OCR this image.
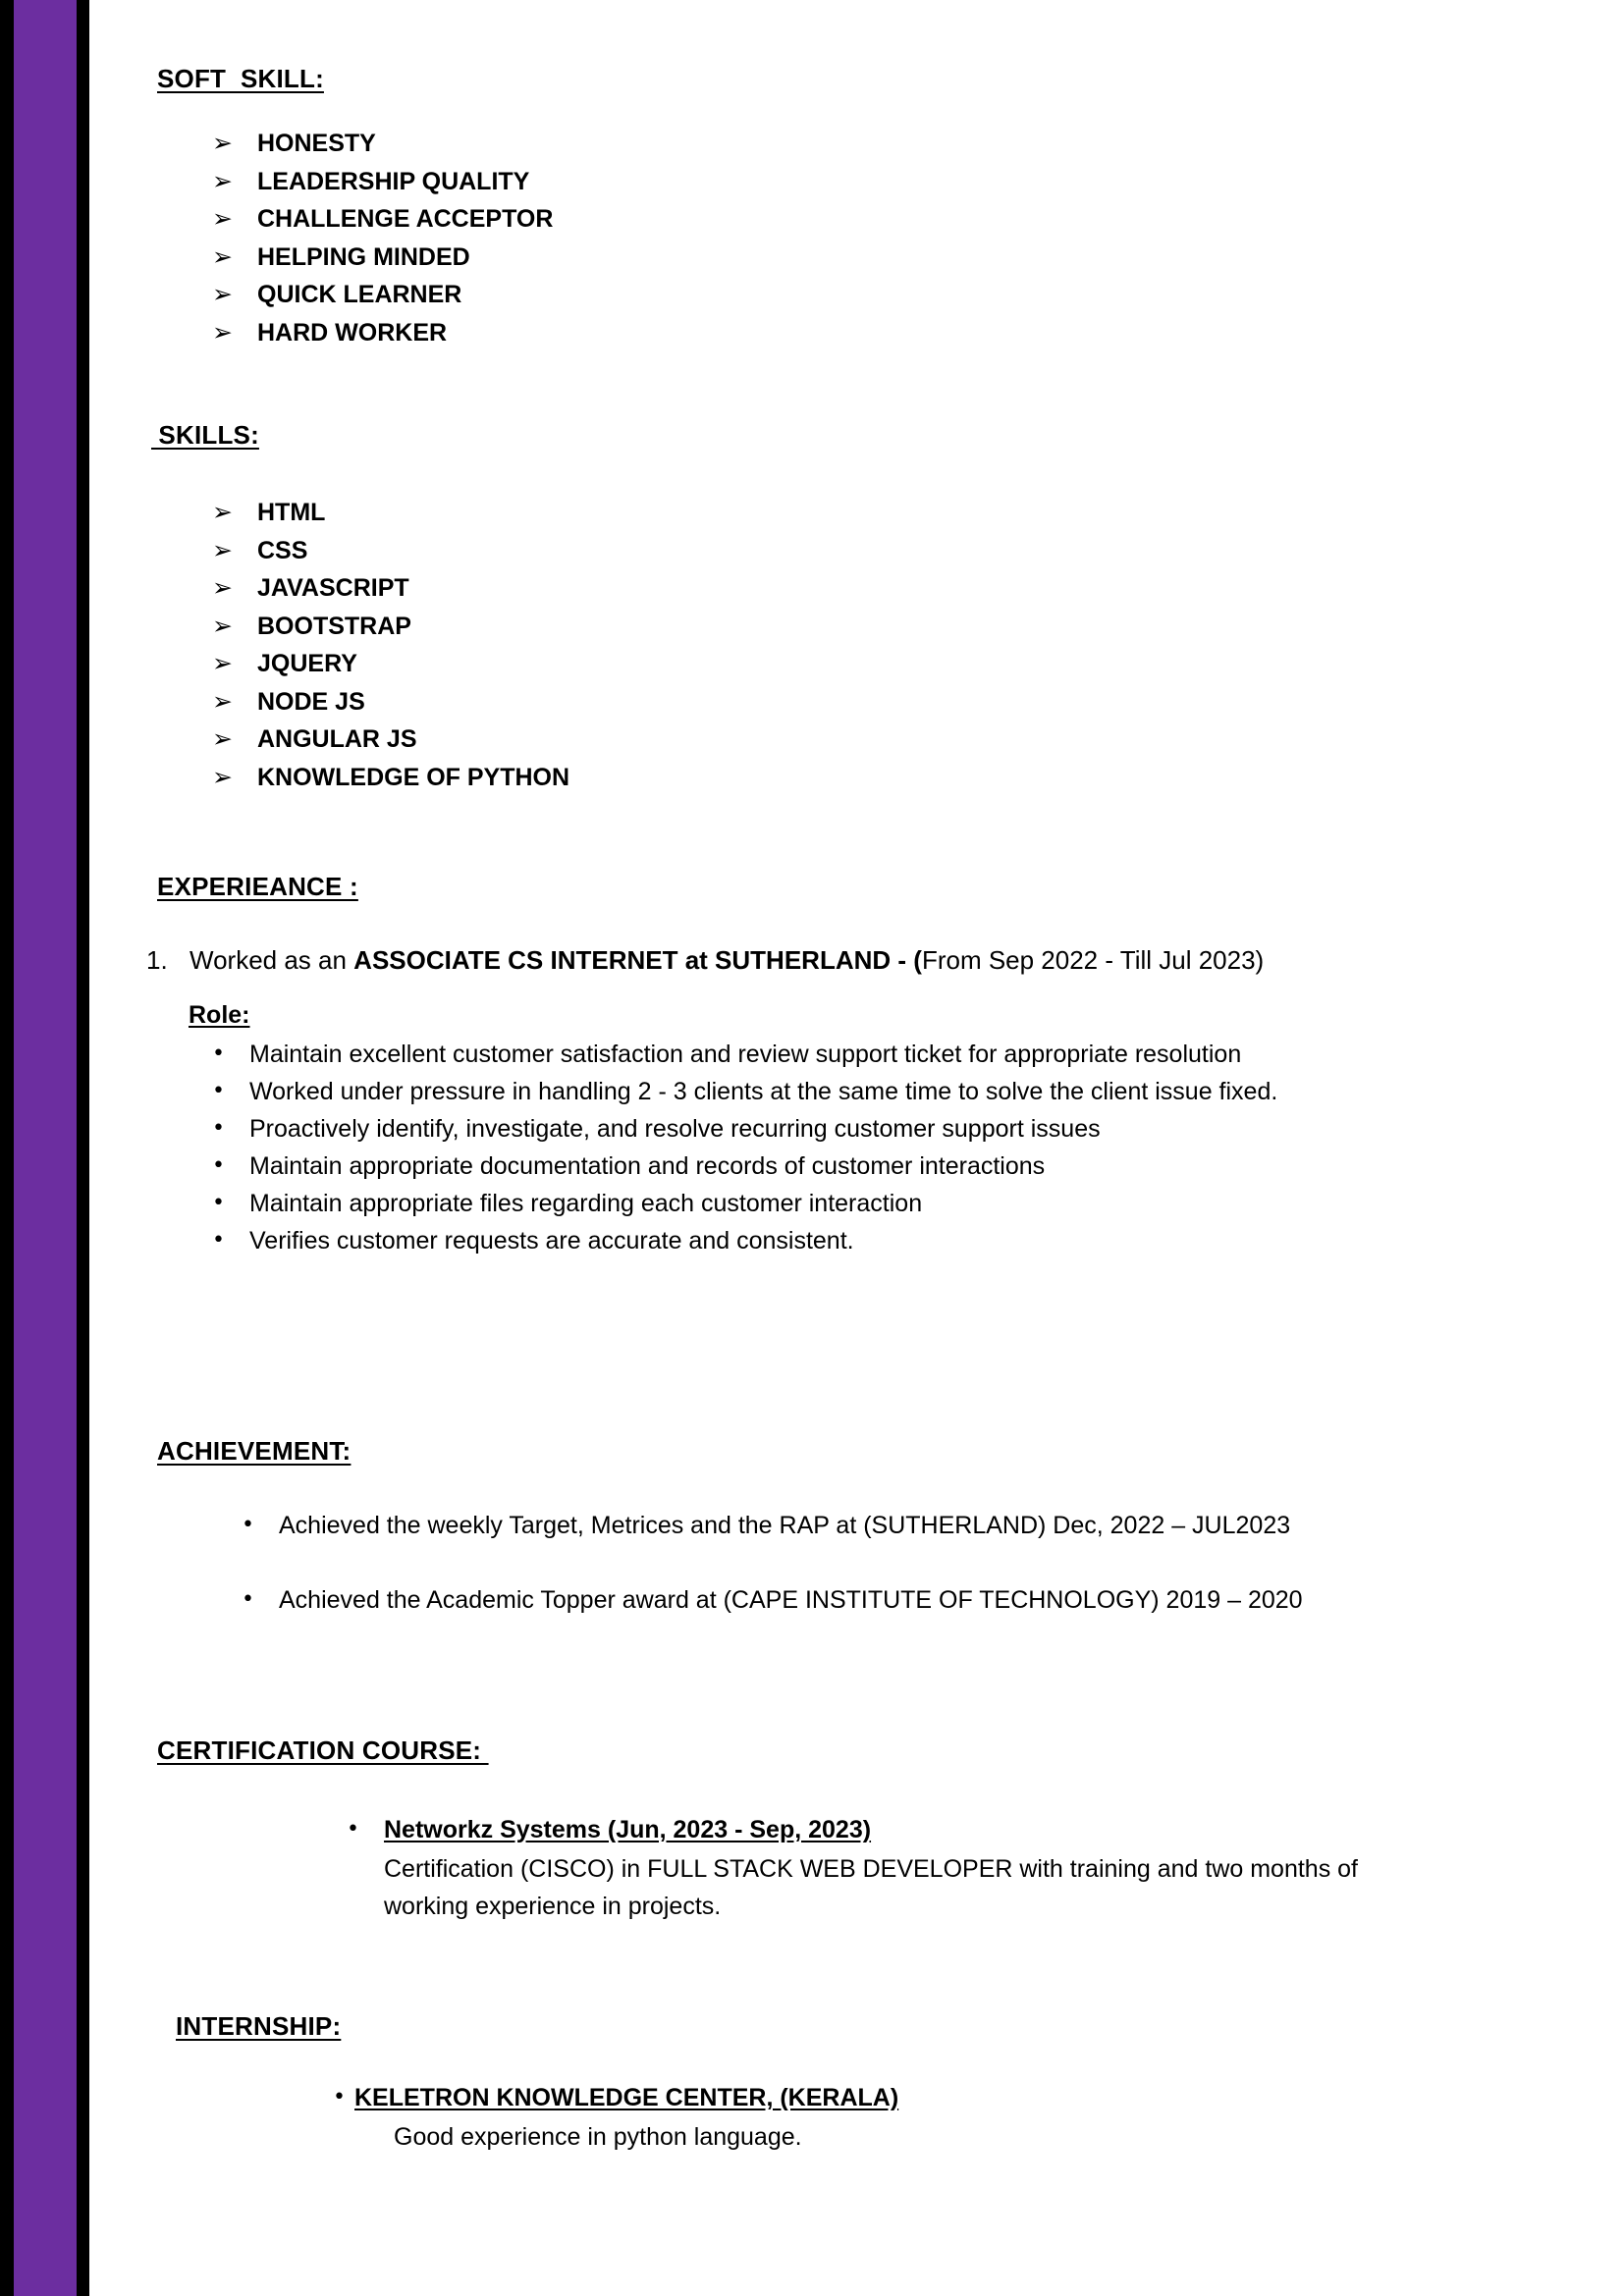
SOFT  SKILL:
➢	HONESTY
➢	LEADERSHIP QUALITY
➢	CHALLENGE ACCEPTOR
➢	HELPING MINDED
➢	QUICK LEARNER
➢	HARD WORKER
SKILLS:
➢	HTML
➢	CSS
➢	JAVASCRIPT
➢	BOOTSTRAP
➢	JQUERY
➢	NODE JS
➢	ANGULAR JS
➢	KNOWLEDGE OF PYTHON
EXPERIEANCE :
1. Worked as an ASSOCIATE CS INTERNET at SUTHERLAND - (From Sep 2022 - Till Jul 2023)
Role:
•	Maintain excellent customer satisfaction and review support ticket for appropriate resolution
•	Worked under pressure in handling 2 - 3 clients at the same time to solve the client issue fixed.
•	Proactively identify, investigate, and resolve recurring customer support issues
•	Maintain appropriate documentation and records of customer interactions
•	Maintain appropriate files regarding each customer interaction
•	Verifies customer requests are accurate and consistent.
ACHIEVEMENT:
•	Achieved the weekly Target, Metrices and the RAP at (SUTHERLAND) Dec, 2022 – JUL2023
•	Achieved the Academic Topper award at (CAPE INSTITUTE OF TECHNOLOGY) 2019 – 2020
CERTIFICATION COURSE:
•	Networkz Systems (Jun, 2023 - Sep, 2023)
Certification (CISCO) in FULL STACK WEB DEVELOPER with training and two months of working experience in projects.
INTERNSHIP:
• KELETRON KNOWLEDGE CENTER, (KERALA)
Good experience in python language.
